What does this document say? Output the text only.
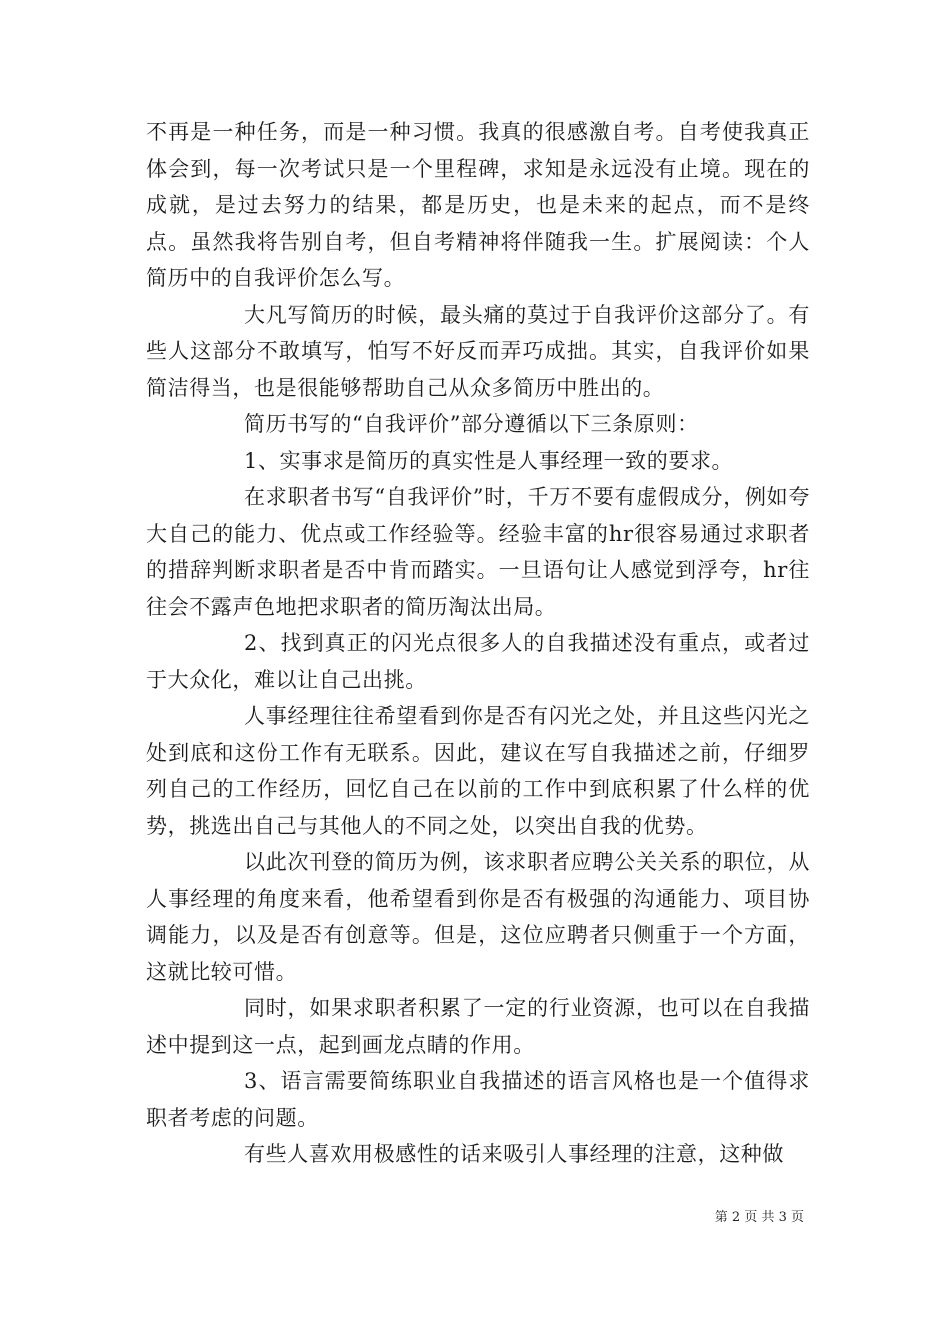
不再是一种任务，而是一种习惯。我真的很感激自考。自考使我真正体会到，每一次考试只是一个里程碑，求知是永远没有止境。现在的成就，是过去努力的结果，都是历史，也是未来的起点，而不是终点。虽然我将告别自考，但自考精神将伴随我一生。扩展阅读：个人简历中的自我评价怎么写。

大凡写简历的时候，最头痛的莫过于自我评价这部分了。有些人这部分不敢填写，怕写不好反而弄巧成拙。其实，自我评价如果简洁得当，也是很能够帮助自己从众多简历中胜出的。

简历书写的“自我评价”部分遵循以下三条原则：

1、实事求是简历的真实性是人事经理一致的要求。

在求职者书写“自我评价”时，千万不要有虚假成分，例如夸大自己的能力、优点或工作经验等。经验丰富的hr很容易通过求职者的措辞判断求职者是否中肯而踏实。一旦语句让人感觉到浮夸，hr往往会不露声色地把求职者的简历淘汰出局。

2、找到真正的闪光点很多人的自我描述没有重点，或者过于大众化，难以让自己出挑。

人事经理往往希望看到你是否有闪光之处，并且这些闪光之处到底和这份工作有无联系。因此，建议在写自我描述之前，仔细罗列自己的工作经历，回忆自己在以前的工作中到底积累了什么样的优势，挑选出自己与其他人的不同之处，以突出自我的优势。

以此次刊登的简历为例，该求职者应聘公关关系的职位，从人事经理的角度来看，他希望看到你是否有极强的沟通能力、项目协调能力，以及是否有创意等。但是，这位应聘者只侧重于一个方面，这就比较可惜。

同时，如果求职者积累了一定的行业资源，也可以在自我描述中提到这一点，起到画龙点睛的作用。

3、语言需要简练职业自我描述的语言风格也是一个值得求职者考虑的问题。

有些人喜欢用极感性的话来吸引人事经理的注意，这种做

第 2 页 共 3 页
